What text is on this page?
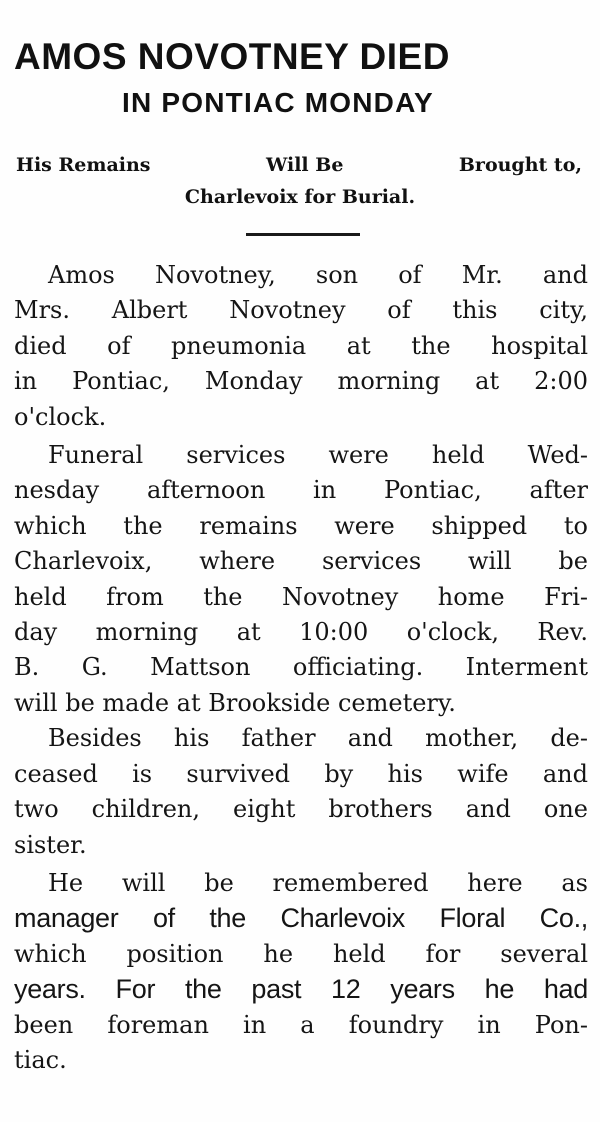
AMOS NOVOTNEY DIED
IN PONTIAC MONDAY
His Remains	Will Be	Brought to,
Charlevoix for Burial.
Amos Novotney, son of Mr. and
Mrs. Albert Novotney of this city,
died of pneumonia at the hospital
in Pontiac, Monday morning at 2:00
o'clock.
Funeral services were held Wed-
nesday afternoon in Pontiac, after
which the remains were shipped to
Charlevoix, where services will be
held from the Novotney home Fri-
day morning at 10:00 o'clock, Rev.
B. G. Mattson officiating. Interment
will be made at Brookside cemetery.
Besides his father and mother, de-
ceased is survived by his wife and
two children, eight brothers and one
sister.
He will be remembered here as
manager of the Charlevoix Floral Co.,
which position he held for several
years. For the past 12 years he had
been foreman in a foundry in Pon-
tiac.
